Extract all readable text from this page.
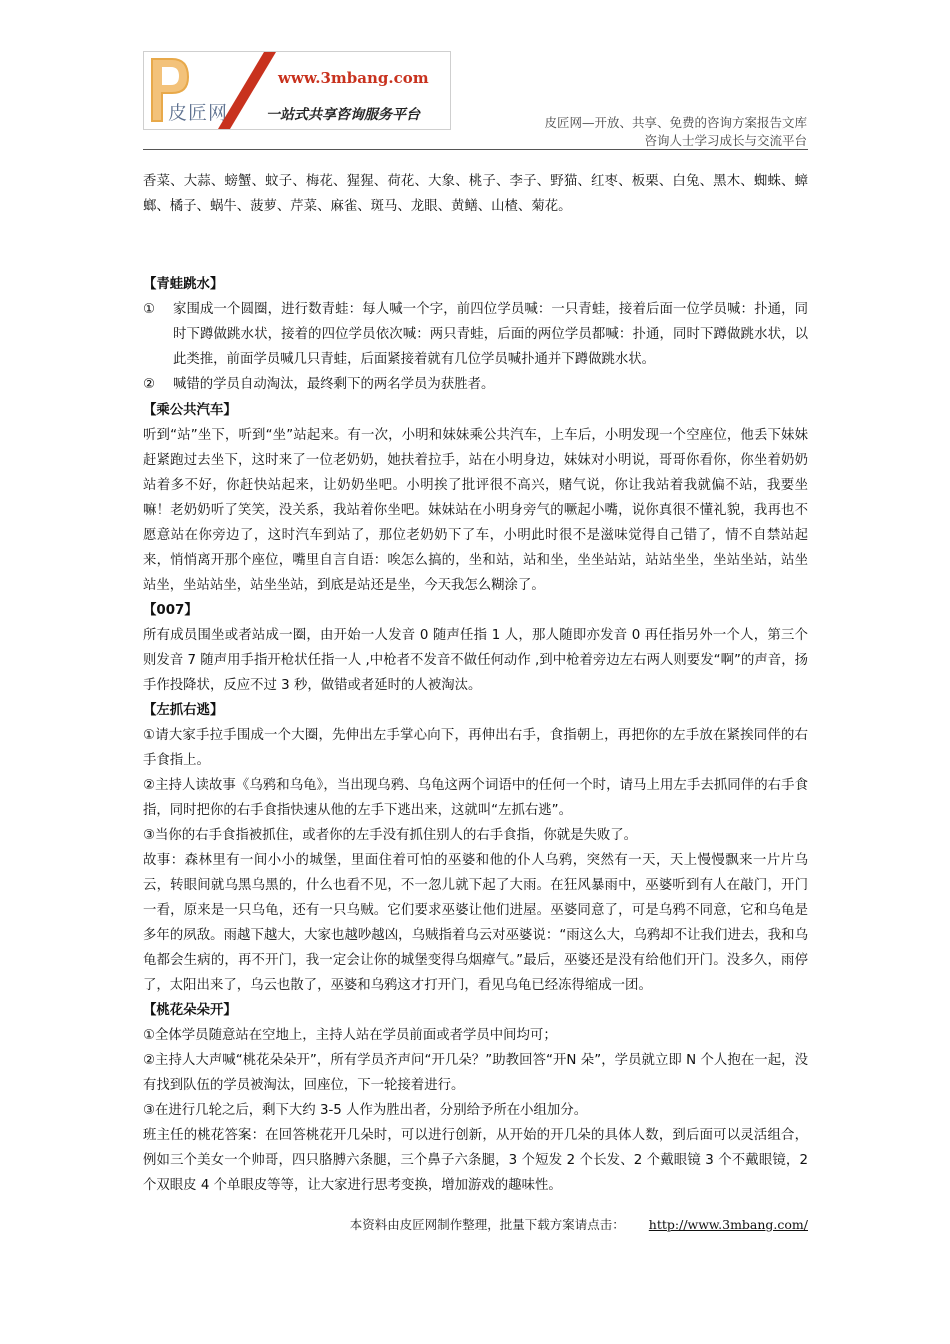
皮匠网
www.3mbang.com
一站式共享咨询服务平台	皮匠网—开放、共享、免费的咨询方案报告文库
咨询人士学习成长与交流平台

香菜、大蒜、螃蟹、蚊子、梅花、猩猩、荷花、大象、桃子、李子、野猫、红枣、板栗、白兔、黑木、蜘蛛、蟑螂、橘子、蜗牛、菠萝、芹菜、麻雀、斑马、龙眼、黄鳝、山楂、菊花。

【青蛙跳水】

①	家围成一个圆圈，进行数青蛙：每人喊一个字，前四位学员喊：一只青蛙，接着后面一位学员喊：扑通，同时下蹲做跳水状，接着的四位学员依次喊：两只青蛙，后面的两位学员都喊：扑通，同时下蹲做跳水状，以此类推，前面学员喊几只青蛙，后面紧接着就有几位学员喊扑通并下蹲做跳水状。
②	喊错的学员自动淘汰，最终剩下的两名学员为获胜者。

【乘公共汽车】

听到“站”坐下，听到“坐”站起来。有一次，小明和妹妹乘公共汽车，上车后，小明发现一个空座位，他丢下妹妹赶紧跑过去坐下，这时来了一位老奶奶，她扶着拉手，站在小明身边，妹妹对小明说，哥哥你看你，你坐着奶奶站着多不好，你赶快站起来，让奶奶坐吧。小明挨了批评很不高兴，赌气说，你让我站着我就偏不站，我要坐嘛！老奶奶听了笑笑，没关系，我站着你坐吧。妹妹站在小明身旁气的噘起小嘴，说你真很不懂礼貌，我再也不愿意站在你旁边了，这时汽车到站了，那位老奶奶下了车，小明此时很不是滋味觉得自己错了，情不自禁站起来，悄悄离开那个座位，嘴里自言自语：唉怎么搞的，坐和站，站和坐，坐坐站站，站站坐坐，坐站坐站，站坐站坐，坐站站坐，站坐坐站，到底是站还是坐，今天我怎么糊涂了。

【007】

所有成员围坐或者站成一圈，由开始一人发音 0 随声任指 1 人，那人随即亦发音 0 再任指另外一个人，第三个则发音 7 随声用手指开枪状任指一人 ,中枪者不发音不做任何动作 ,到中枪着旁边左右两人则要发“啊”的声音，扬手作投降状，反应不过 3 秒，做错或者延时的人被淘汰。

【左抓右逃】

①请大家手拉手围成一个大圈，先伸出左手掌心向下，再伸出右手，食指朝上，再把你的左手放在紧挨同伴的右手食指上。

②主持人读故事《乌鸦和乌龟》，当出现乌鸦、乌龟这两个词语中的任何一个时，请马上用左手去抓同伴的右手食指，同时把你的右手食指快速从他的左手下逃出来，这就叫“左抓右逃”。

③当你的右手食指被抓住，或者你的左手没有抓住别人的右手食指，你就是失败了。

故事：森林里有一间小小的城堡，里面住着可怕的巫婆和他的仆人乌鸦，突然有一天，天上慢慢飘来一片片乌云，转眼间就乌黑乌黑的，什么也看不见，不一忽儿就下起了大雨。在狂风暴雨中，巫婆听到有人在敲门，开门一看，原来是一只乌龟，还有一只乌贼。它们要求巫婆让他们进屋。巫婆同意了，可是乌鸦不同意，它和乌龟是多年的夙敌。雨越下越大，大家也越吵越凶，乌贼指着乌云对巫婆说：“雨这么大，乌鸦却不让我们进去，我和乌龟都会生病的，再不开门，我一定会让你的城堡变得乌烟瘴气。”最后，巫婆还是没有给他们开门。没多久，雨停了，太阳出来了，乌云也散了，巫婆和乌鸦这才打开门，看见乌龟已经冻得缩成一团。

【桃花朵朵开】

①全体学员随意站在空地上，主持人站在学员前面或者学员中间均可；

②主持人大声喊“桃花朵朵开”，所有学员齐声问“开几朵？”助教回答“开N 朵”，学员就立即 N 个人抱在一起，没有找到队伍的学员被淘汰，回座位，下一轮接着进行。

③在进行几轮之后，剩下大约 3-5 人作为胜出者，分别给予所在小组加分。

班主任的桃花答案：在回答桃花开几朵时，可以进行创新，从开始的开几朵的具体人数，到后面可以灵活组合，例如三个美女一个帅哥，四只胳膊六条腿，三个鼻子六条腿，3 个短发 2 个长发、2 个戴眼镜 3 个不戴眼镜，2 个双眼皮 4 个单眼皮等等，让大家进行思考变换，增加游戏的趣味性。

本资料由皮匠网制作整理，批量下载方案请点击： http://www.3mbang.com/
